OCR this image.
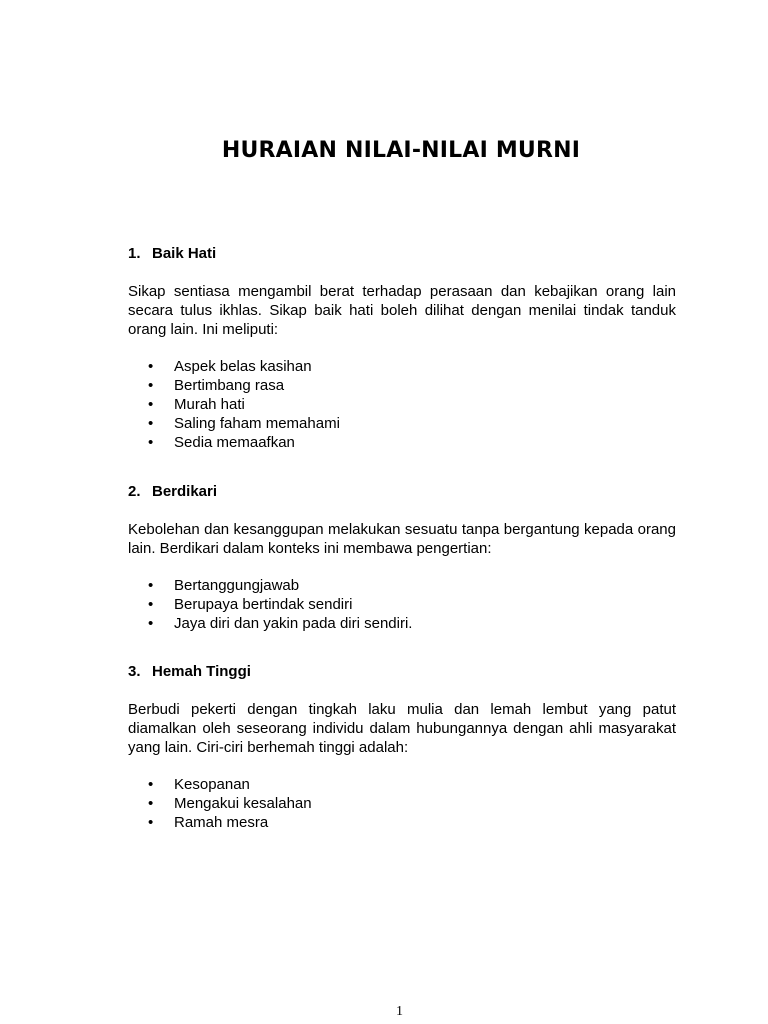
HURAIAN NILAI-NILAI MURNI

1. Baik Hati

Sikap sentiasa mengambil berat terhadap perasaan dan kebajikan orang lain secara tulus ikhlas. Sikap baik hati boleh dilihat dengan menilai tindak tanduk orang lain. Ini meliputi:

• Aspek belas kasihan
• Bertimbang rasa
• Murah hati
• Saling faham memahami
• Sedia memaafkan

2. Berdikari

Kebolehan dan kesanggupan melakukan sesuatu tanpa bergantung kepada orang lain. Berdikari dalam konteks ini membawa pengertian:

• Bertanggungjawab
• Berupaya bertindak sendiri
• Jaya diri dan yakin pada diri sendiri.

3. Hemah Tinggi

Berbudi pekerti dengan tingkah laku mulia dan lemah lembut yang patut diamalkan oleh seseorang individu dalam hubungannya dengan ahli masyarakat yang lain. Ciri-ciri berhemah tinggi adalah:

• Kesopanan
• Mengakui kesalahan
• Ramah mesra
1
